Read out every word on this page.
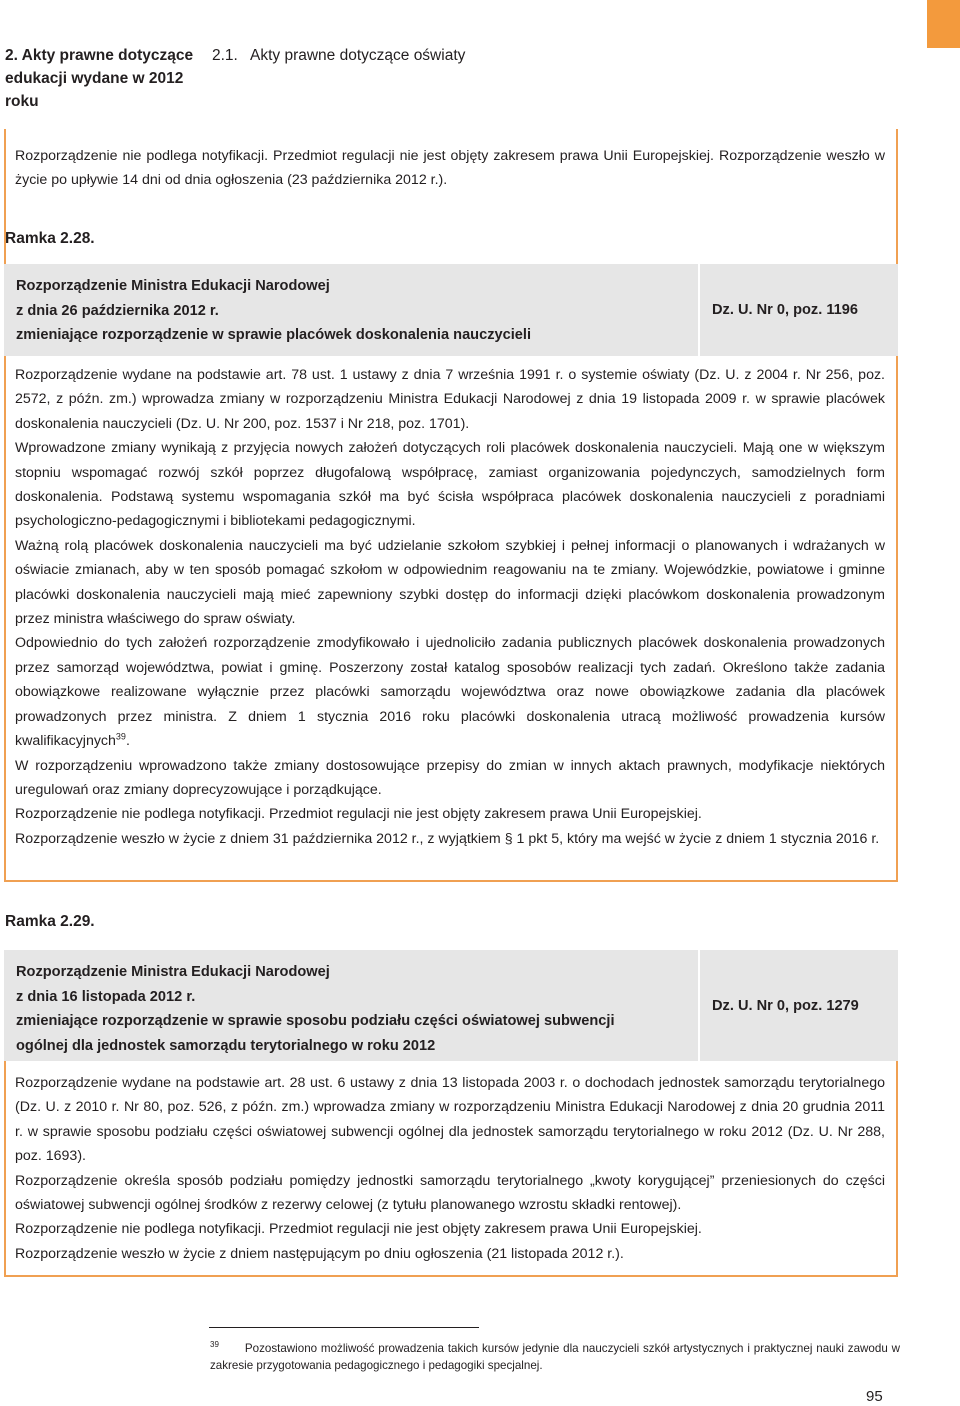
2. Akty prawne dotyczące edukacji wydane w 2012 roku
2.1. Akty prawne dotyczące oświaty
Rozporządzenie nie podlega notyfikacji. Przedmiot regulacji nie jest objęty zakresem prawa Unii Europejskiej. Rozporządzenie weszło w życie po upływie 14 dni od dnia ogłoszenia (23 października 2012 r.).
Ramka 2.28.
Rozporządzenie Ministra Edukacji Narodowej
z dnia 26 października 2012 r.
zmieniające rozporządzenie w sprawie placówek doskonalenia nauczycieli
Dz. U. Nr 0, poz. 1196
Rozporządzenie wydane na podstawie art. 78 ust. 1 ustawy z dnia 7 września 1991 r. o systemie oświaty (Dz. U. z 2004 r. Nr 256, poz. 2572, z późn. zm.) wprowadza zmiany w rozporządzeniu Ministra Edukacji Narodowej z dnia 19 listopada 2009 r. w sprawie placówek doskonalenia nauczycieli (Dz. U. Nr 200, poz. 1537 i Nr 218, poz. 1701).
Wprowadzone zmiany wynikają z przyjęcia nowych założeń dotyczących roli placówek doskonalenia nauczycieli. Mają one w większym stopniu wspomagać rozwój szkół poprzez długofalową współpracę, zamiast organizowania pojedynczych, samodzielnych form doskonalenia. Podstawą systemu wspomagania szkół ma być ścisła współpraca placówek doskonalenia nauczycieli z poradniami psychologiczno-pedagogicznymi i bibliotekami pedagogicznymi.
Ważną rolą placówek doskonalenia nauczycieli ma być udzielanie szkołom szybkiej i pełnej informacji o planowanych i wdrażanych w oświacie zmianach, aby w ten sposób pomagać szkołom w odpowiednim reagowaniu na te zmiany. Wojewódzkie, powiatowe i gminne placówki doskonalenia nauczycieli mają mieć zapewniony szybki dostęp do informacji dzięki placówkom doskonalenia prowadzonym przez ministra właściwego do spraw oświaty.
Odpowiednio do tych założeń rozporządzenie zmodyfikowało i ujednoliciło zadania publicznych placówek doskonalenia prowadzonych przez samorząd województwa, powiat i gminę. Poszerzony został katalog sposobów realizacji tych zadań. Określono także zadania obowiązkowe realizowane wyłącznie przez placówki samorządu województwa oraz nowe obowiązkowe zadania dla placówek prowadzonych przez ministra. Z dniem 1 stycznia 2016 roku placówki doskonalenia utracą możliwość prowadzenia kursów kwalifikacyjnych$^{39}$.
W rozporządzeniu wprowadzono także zmiany dostosowujące przepisy do zmian w innych aktach prawnych, modyfikacje niektórych uregulowań oraz zmiany doprecyzowujące i porządkujące.
Rozporządzenie nie podlega notyfikacji. Przedmiot regulacji nie jest objęty zakresem prawa Unii Europejskiej.
Rozporządzenie weszło w życie z dniem 31 października 2012 r., z wyjątkiem § 1 pkt 5, który ma wejść w życie z dniem 1 stycznia 2016 r.
Ramka 2.29.
Rozporządzenie Ministra Edukacji Narodowej
z dnia 16 listopada 2012 r.
zmieniające rozporządzenie w sprawie sposobu podziału części oświatowej subwencji
ogólnej dla jednostek samorządu terytorialnego w roku 2012
Dz. U. Nr 0, poz. 1279
Rozporządzenie wydane na podstawie art. 28 ust. 6 ustawy z dnia 13 listopada 2003 r. o dochodach jednostek samorządu terytorialnego (Dz. U. z 2010 r. Nr 80, poz. 526, z późn. zm.) wprowadza zmiany w rozporządzeniu Ministra Edukacji Narodowej z dnia 20 grudnia 2011 r. w sprawie sposobu podziału części oświatowej subwencji ogólnej dla jednostek samorządu terytorialnego w roku 2012 (Dz. U. Nr 288, poz. 1693).
Rozporządzenie określa sposób podziału pomiędzy jednostki samorządu terytorialnego „kwoty korygującej” przeniesionych do części oświatowej subwencji ogólnej środków z rezerwy celowej (z tytułu planowanego wzrostu składki rentowej).
Rozporządzenie nie podlega notyfikacji. Przedmiot regulacji nie jest objęty zakresem prawa Unii Europejskiej.
Rozporządzenie weszło w życie z dniem następującym po dniu ogłoszenia (21 listopada 2012 r.).
$^{39}$ Pozostawiono możliwość prowadzenia takich kursów jedynie dla nauczycieli szkół artystycznych i praktycznej nauki zawodu w zakresie przygotowania pedagogicznego i pedagogiki specjalnej.
95
